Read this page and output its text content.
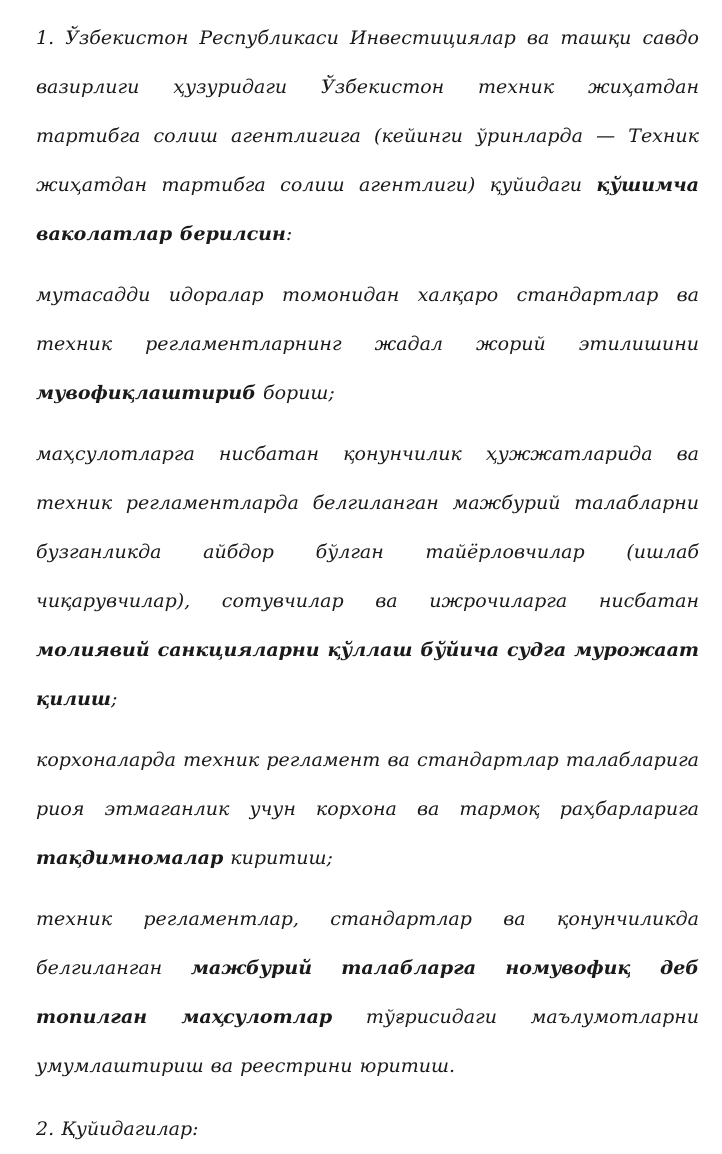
1. Ўзбекистон Республикаси Инвестициялар ва ташқи савдо вазирлиги ҳузуридаги Ўзбекистон техник жиҳатдан тартибга солиш агентлигига (кейинги ўринларда — Техник жиҳатдан тартибга солиш агентлиги) қуйидаги қўшимча ваколатлар берилсин:

мутасадди идоралар томонидан халқаро стандартлар ва техник регламентларнинг жадал жорий этилишини мувофиқлаштириб бориш;

маҳсулотларга нисбатан қонунчилик ҳужжатларида ва техник регламентларда белгиланган мажбурий талабларни бузганликда айбдор бўлган тайёрловчилар (ишлаб чиқарувчилар), сотувчилар ва ижрочиларга нисбатан молиявий санкцияларни қўллаш бўйича судга мурожаат қилиш;

корхоналарда техник регламент ва стандартлар талабларига риоя этмаганлик учун корхона ва тармоқ раҳбарларига тақдимномалар киритиш;

техник регламентлар, стандартлар ва қонунчиликда белгиланган мажбурий талабларга номувофиқ деб топилган маҳсулотлар тўғрисидаги маълумотларни умумлаштириш ва реестрини юритиш.

2. Қуйидагилар:
